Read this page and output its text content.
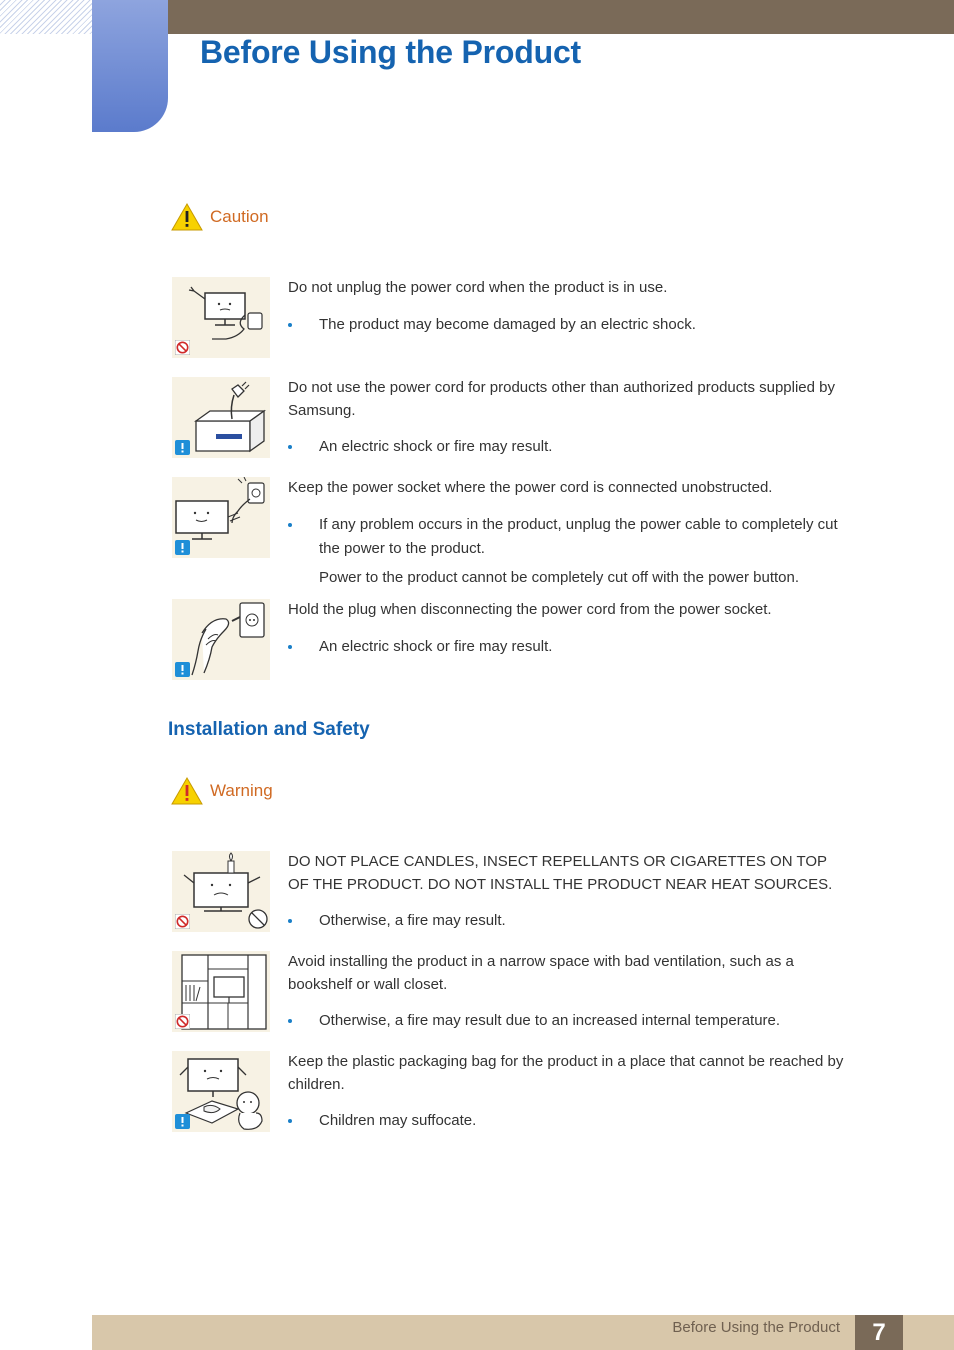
Before Using the Product
Caution

Do not unplug the power cord when the product is in use.

The product may become damaged by an electric shock.

Do not use the power cord for products other than authorized products supplied by Samsung.

An electric shock or fire may result.

Keep the power socket where the power cord is connected unobstructed.

If any problem occurs in the product, unplug the power cable to completely cut the power to the product.

Power to the product cannot be completely cut off with the power button.

Hold the plug when disconnecting the power cord from the power socket.

An electric shock or fire may result.
Installation and Safety
Warning

DO NOT PLACE CANDLES, INSECT REPELLANTS OR CIGARETTES ON TOP OF THE PRODUCT. DO NOT INSTALL THE PRODUCT NEAR HEAT SOURCES.

Otherwise, a fire may result.

Avoid installing the product in a narrow space with bad ventilation, such as a bookshelf or wall closet.

Otherwise, a fire may result due to an increased internal temperature.

Keep the plastic packaging bag for the product in a place that cannot be reached by children.

Children may suffocate.
Before Using the Product	7
